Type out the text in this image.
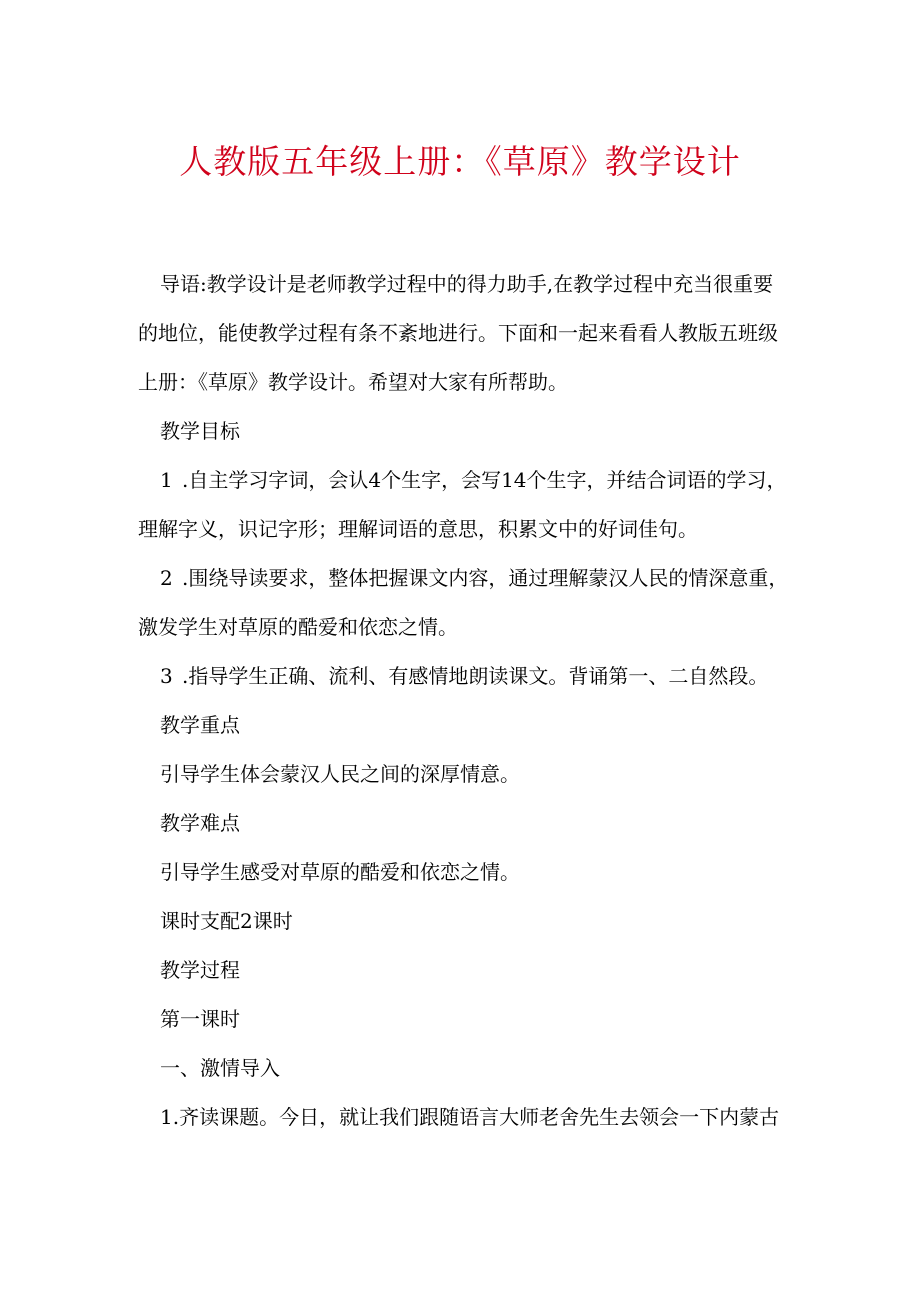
人教版五年级上册：《草原》教学设计
导语:教学设计是老师教学过程中的得力助手,在教学过程中充当很重要
的地位，能使教学过程有条不紊地进行。下面和一起来看看人教版五班级
上册：《草原》教学设计。希望对大家有所帮助。
教学目标
1 .自主学习字词，会认4个生字，会写14个生字，并结合词语的学习，
理解字义，识记字形；理解词语的意思，积累文中的好词佳句。
2 .围绕导读要求，整体把握课文内容，通过理解蒙汉人民的情深意重，
激发学生对草原的酷爱和依恋之情。
3 .指导学生正确、流利、有感情地朗读课文。背诵第一、二自然段。
教学重点
引导学生体会蒙汉人民之间的深厚情意。
教学难点
引导学生感受对草原的酷爱和依恋之情。
课时支配2课时
教学过程
第一课时
一、激情导入
1.齐读课题。今日，就让我们跟随语言大师老舍先生去领会一下内蒙古
